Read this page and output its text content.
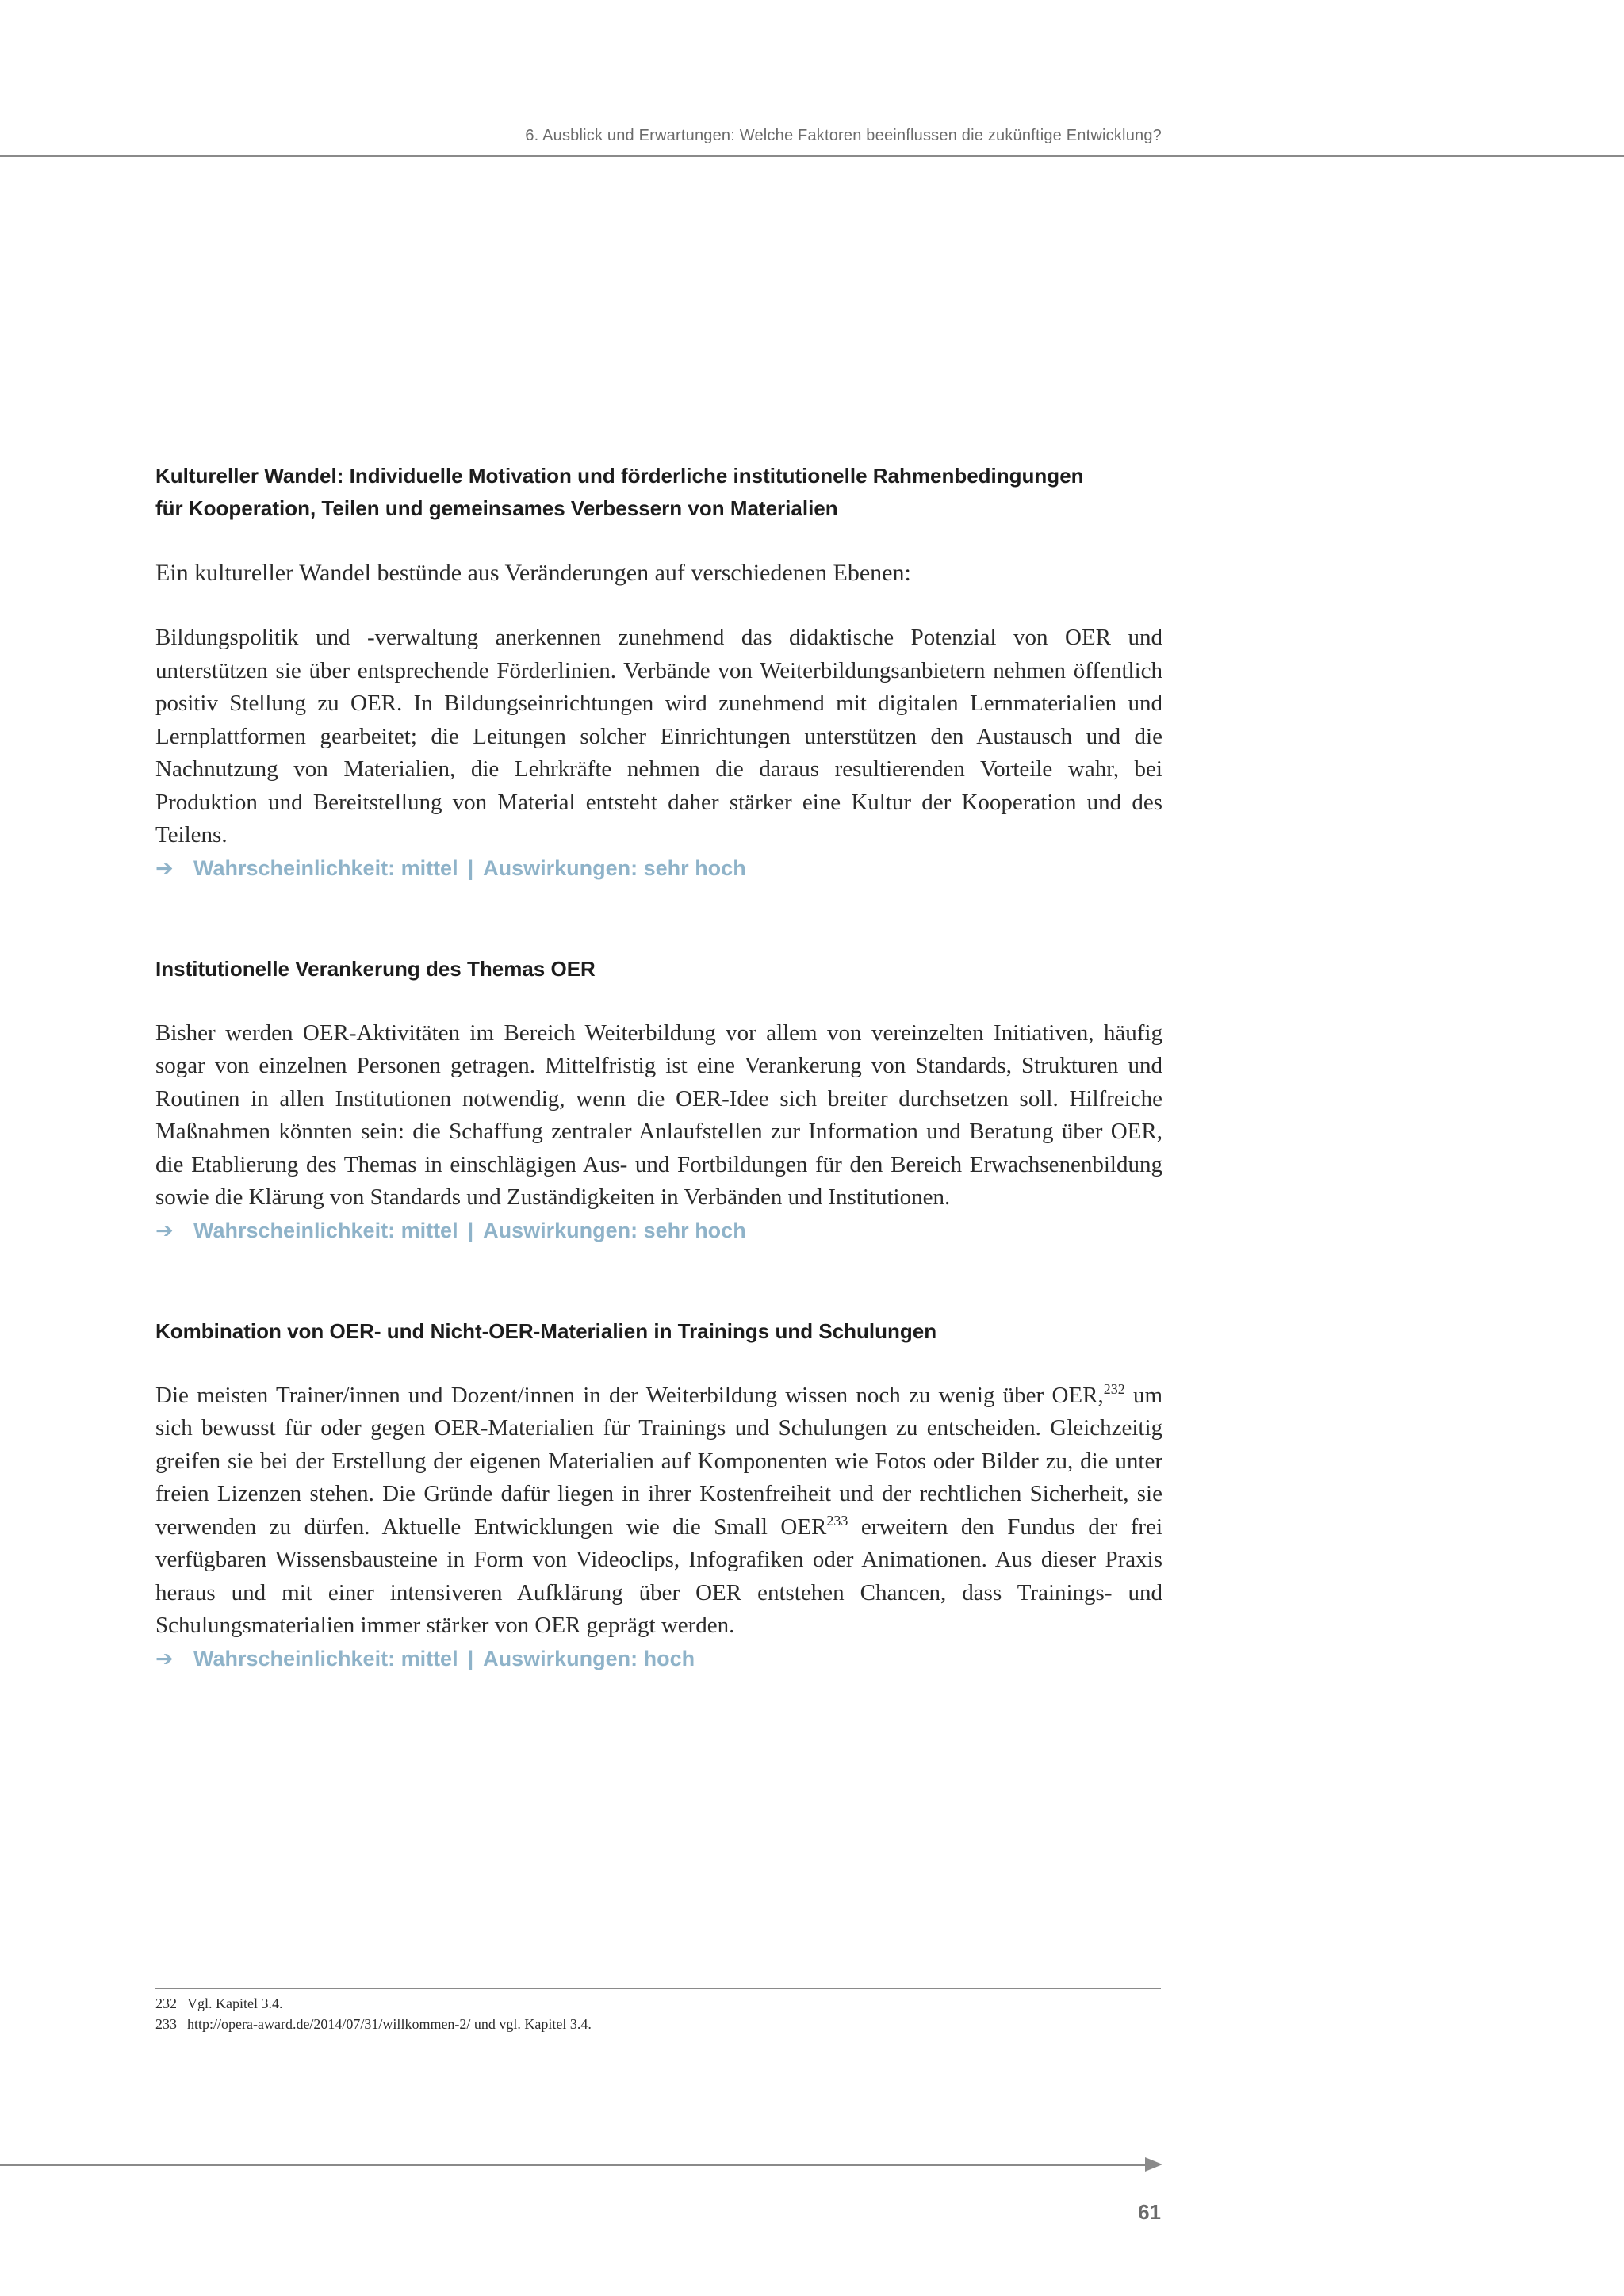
6. Ausblick und Erwartungen: Welche Faktoren beeinflussen die zukünftige Entwicklung?
Kultureller Wandel: Individuelle Motivation und förderliche institutionelle Rahmenbedingungen
für Kooperation, Teilen und gemeinsames Verbessern von Materialien

Ein kultureller Wandel bestünde aus Veränderungen auf verschiedenen Ebenen:

Bildungspolitik und -verwaltung anerkennen zunehmend das didaktische Potenzial von OER und unterstützen sie über entsprechende Förderlinien. Verbände von Weiterbildungsanbietern nehmen öffentlich positiv Stellung zu OER. In Bildungseinrichtungen wird zunehmend mit digitalen Lernmaterialien und Lernplattformen gearbeitet; die Leitungen solcher Einrichtungen unterstützen den Austausch und die Nachnutzung von Materialien, die Lehrkräfte nehmen die daraus resultierenden Vorteile wahr, bei Produktion und Bereitstellung von Material entsteht daher stärker eine Kultur der Kooperation und des Teilens.

➔ Wahrscheinlichkeit: mittel | Auswirkungen: sehr hoch

Institutionelle Verankerung des Themas OER

Bisher werden OER-Aktivitäten im Bereich Weiterbildung vor allem von vereinzelten Initiativen, häufig sogar von einzelnen Personen getragen. Mittelfristig ist eine Verankerung von Standards, Strukturen und Routinen in allen Institutionen notwendig, wenn die OER-Idee sich breiter durchsetzen soll. Hilfreiche Maßnahmen könnten sein: die Schaffung zentraler Anlaufstellen zur Information und Beratung über OER, die Etablierung des Themas in einschlägigen Aus- und Fortbildungen für den Bereich Erwachsenenbildung sowie die Klärung von Standards und Zuständigkeiten in Verbänden und Institutionen.

➔ Wahrscheinlichkeit: mittel | Auswirkungen: sehr hoch

Kombination von OER- und Nicht-OER-Materialien in Trainings und Schulungen

Die meisten Trainer/innen und Dozent/innen in der Weiterbildung wissen noch zu wenig über OER,$^{232}$ um sich bewusst für oder gegen OER-Materialien für Trainings und Schulungen zu entscheiden. Gleichzeitig greifen sie bei der Erstellung der eigenen Materialien auf Komponenten wie Fotos oder Bilder zu, die unter freien Lizenzen stehen. Die Gründe dafür liegen in ihrer Kostenfreiheit und der rechtlichen Sicherheit, sie verwenden zu dürfen. Aktuelle Entwicklungen wie die Small OER$^{233}$ erweitern den Fundus der frei verfügbaren Wissensbausteine in Form von Videoclips, Infografiken oder Animationen. Aus dieser Praxis heraus und mit einer intensiveren Aufklärung über OER entstehen Chancen, dass Trainings- und Schulungsmaterialien immer stärker von OER geprägt werden.

➔ Wahrscheinlichkeit: mittel | Auswirkungen: hoch

232 Vgl. Kapitel 3.4.
233 http://opera-award.de/2014/07/31/willkommen-2/ und vgl. Kapitel 3.4.
61
